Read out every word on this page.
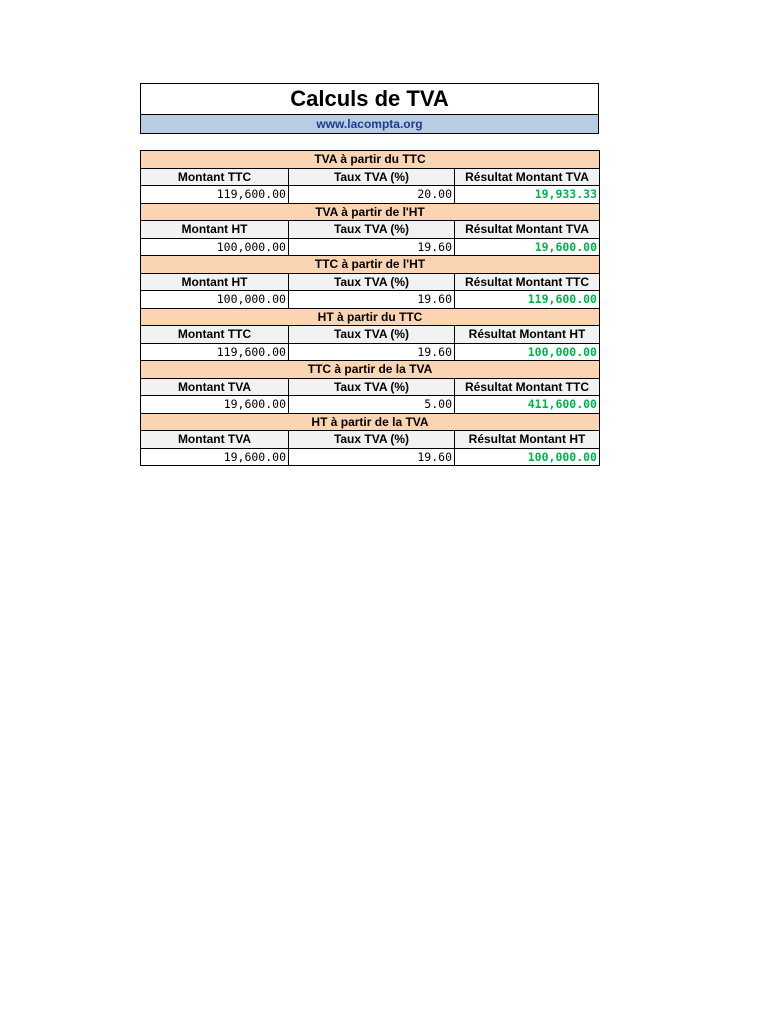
Calculs de TVA
www.lacompta.org
TVA à partir du TTC		
Montant TTC	Taux TVA (%)	Résultat Montant TVA
119,600.00	20.00	19,933.33
TVA à partir de l'HT		
Montant HT	Taux TVA (%)	Résultat Montant TVA
100,000.00	19.60	19,600.00
TTC à partir de l'HT		
Montant HT	Taux TVA (%)	Résultat Montant TTC
100,000.00	19.60	119,600.00
HT à partir du TTC		
Montant TTC	Taux TVA (%)	Résultat Montant HT
119,600.00	19.60	100,000.00
TTC à partir de la TVA		
Montant TVA	Taux TVA (%)	Résultat Montant TTC
19,600.00	5.00	411,600.00
HT à partir de la TVA		
Montant TVA	Taux TVA (%)	Résultat Montant HT
19,600.00	19.60	100,000.00
